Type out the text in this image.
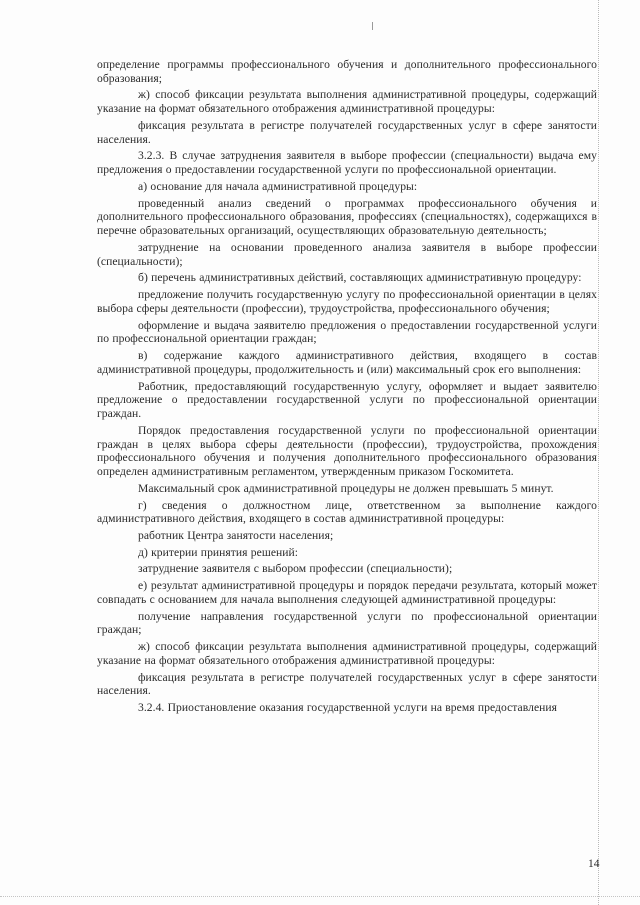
определение программы профессионального обучения и дополнительного профессионального образования;

ж) способ фиксации результата выполнения административной процедуры, содержащий указание на формат обязательного отображения административной процедуры:

фиксация результата в регистре получателей государственных услуг в сфере занятости населения.

3.2.3. В случае затруднения заявителя в выборе профессии (специальности) выдача ему предложения о предоставлении государственной услуги по профессиональной ориентации.

а) основание для начала административной процедуры:

проведенный анализ сведений о программах профессионального обучения и дополнительного профессионального образования, профессиях (специальностях), содержащихся в перечне образовательных организаций, осуществляющих образовательную деятельность;

затруднение на основании проведенного анализа заявителя в выборе профессии (специальности);

б) перечень административных действий, составляющих административную процедуру:

предложение получить государственную услугу по профессиональной ориентации в целях выбора сферы деятельности (профессии), трудоустройства, профессионального обучения;

оформление и выдача заявителю предложения о предоставлении государственной услуги по профессиональной ориентации граждан;

в) содержание каждого административного действия, входящего в состав административной процедуры, продолжительность и (или) максимальный срок его выполнения:

Работник, предоставляющий государственную услугу, оформляет и выдает заявителю предложение о предоставлении государственной услуги по профессиональной ориентации граждан.

Порядок предоставления государственной услуги по профессиональной ориентации граждан в целях выбора сферы деятельности (профессии), трудоустройства, прохождения профессионального обучения и получения дополнительного профессионального образования определен административным регламентом, утвержденным приказом Госкомитета.

Максимальный срок административной процедуры не должен превышать 5 минут.

г) сведения о должностном лице, ответственном за выполнение каждого административного действия, входящего в состав административной процедуры:

работник Центра занятости населения;

д) критерии принятия решений:

затруднение заявителя с выбором профессии (специальности);

е) результат административной процедуры и порядок передачи результата, который может совпадать с основанием для начала выполнения следующей административной процедуры:

получение направления государственной услуги по профессиональной ориентации граждан;

ж) способ фиксации результата выполнения административной процедуры, содержащий указание на формат обязательного отображения административной процедуры:

фиксация результата в регистре получателей государственных услуг в сфере занятости населения.

3.2.4. Приостановление оказания государственной услуги на время предоставления

14
